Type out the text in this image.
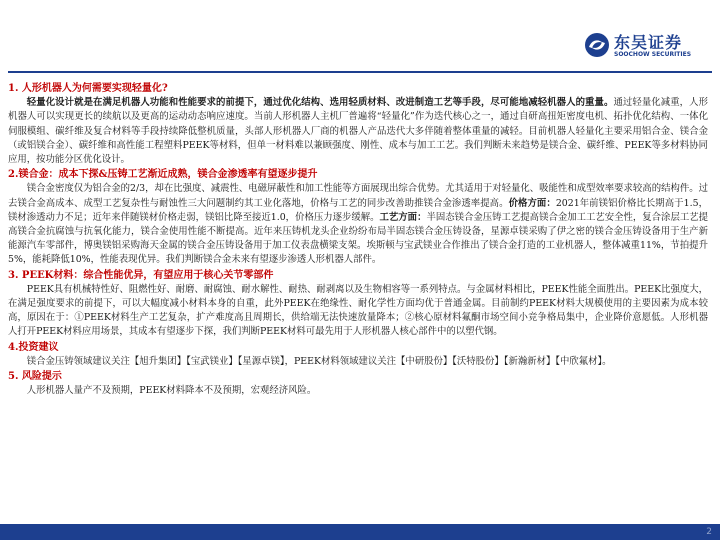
东吴证券
SOOCHOW SECURITIES

1. 人形机器人为何需要实现轻量化?

轻量化设计就是在满足机器人功能和性能要求的前提下，通过优化结构、选用轻质材料、改进制造工艺等手段，尽可能地减轻机器人的重量。通过轻量化减重，人形机器人可以实现更长的续航以及更高的运动动态响应速度。当前人形机器人主机厂普遍将“轻量化”作为迭代核心之一，通过自研高扭矩密度电机、拓扑优化结构、一体化伺服模组、碳纤维及复合材料等手段持续降低整机质量，头部人形机器人厂商的机器人产品迭代大多伴随着整体重量的减轻。目前机器人轻量化主要采用铝合金、镁合金（或铝镁合金）、碳纤维和高性能工程塑料PEEK等材料，但单一材料难以兼顾强度、刚性、成本与加工工艺。我们判断未来趋势是镁合金、碳纤维、PEEK等多材料协同应用，按功能分区优化设计。

2.镁合金：成本下探&压铸工艺渐近成熟，镁合金渗透率有望逐步提升

镁合金密度仅为铝合金的2/3，却在比强度、减震性、电磁屏蔽性和加工性能等方面展现出综合优势。尤其适用于对轻量化、吸能性和成型效率要求较高的结构件。过去镁合金高成本、成型工艺复杂性与耐蚀性三大问题制约其工业化落地，价格与工艺的同步改善助推镁合金渗透率提高。价格方面：2021年前镁铝价格比长期高于1.5，镁材渗透动力不足；近年来伴随镁材价格走弱，镁铝比降至接近1.0，价格压力逐步缓解。工艺方面：半固态镁合金压铸工艺提高镁合金加工工艺安全性，复合涂层工艺提高镁合金抗腐蚀与抗氧化能力，镁合金使用性能不断提高。近年来压铸机龙头企业纷纷布局半固态镁合金压铸设备，星源卓镁采购了伊之密的镁合金压铸设备用于生产新能源汽车零部件，博奥镁铝采购海天金属的镁合金压铸设备用于加工仪表盘横梁支架。埃斯顿与宝武镁业合作推出了镁合金打造的工业机器人，整体减重11%，节拍提升5%，能耗降低10%，性能表现优异。我们判断镁合金未来有望逐步渗透人形机器人部件。

3. PEEK材料：综合性能优异，有望应用于核心关节零部件

PEEK具有机械特性好、阻燃性好、耐磨、耐腐蚀、耐水解性、耐热、耐剥离以及生物相容等一系列特点。与金属材料相比，PEEK性能全面胜出。PEEK比强度大，在满足强度要求的前提下，可以大幅度减小材料本身的自重，此外PEEK在绝缘性、耐化学性方面均优于普通金属。目前制约PEEK材料大规模使用的主要因素为成本较高，原因在于：①PEEK材料生产工艺复杂，扩产难度高且周期长，供给端无法快速放量降本；②核心原材料氟酮市场空间小竞争格局集中，企业降价意愿低。人形机器人打开PEEK材料应用场景，其成本有望逐步下探，我们判断PEEK材料可最先用于人形机器人核心部件中的以塑代钢。

4.投资建议

镁合金压铸领域建议关注【旭升集团】【宝武镁业】【星源卓镁】，PEEK材料领域建议关注【中研股份】【沃特股份】【新瀚新材】【中欣氟材】。

5. 风险提示

人形机器人量产不及预期，PEEK材料降本不及预期，宏观经济风险。

2
